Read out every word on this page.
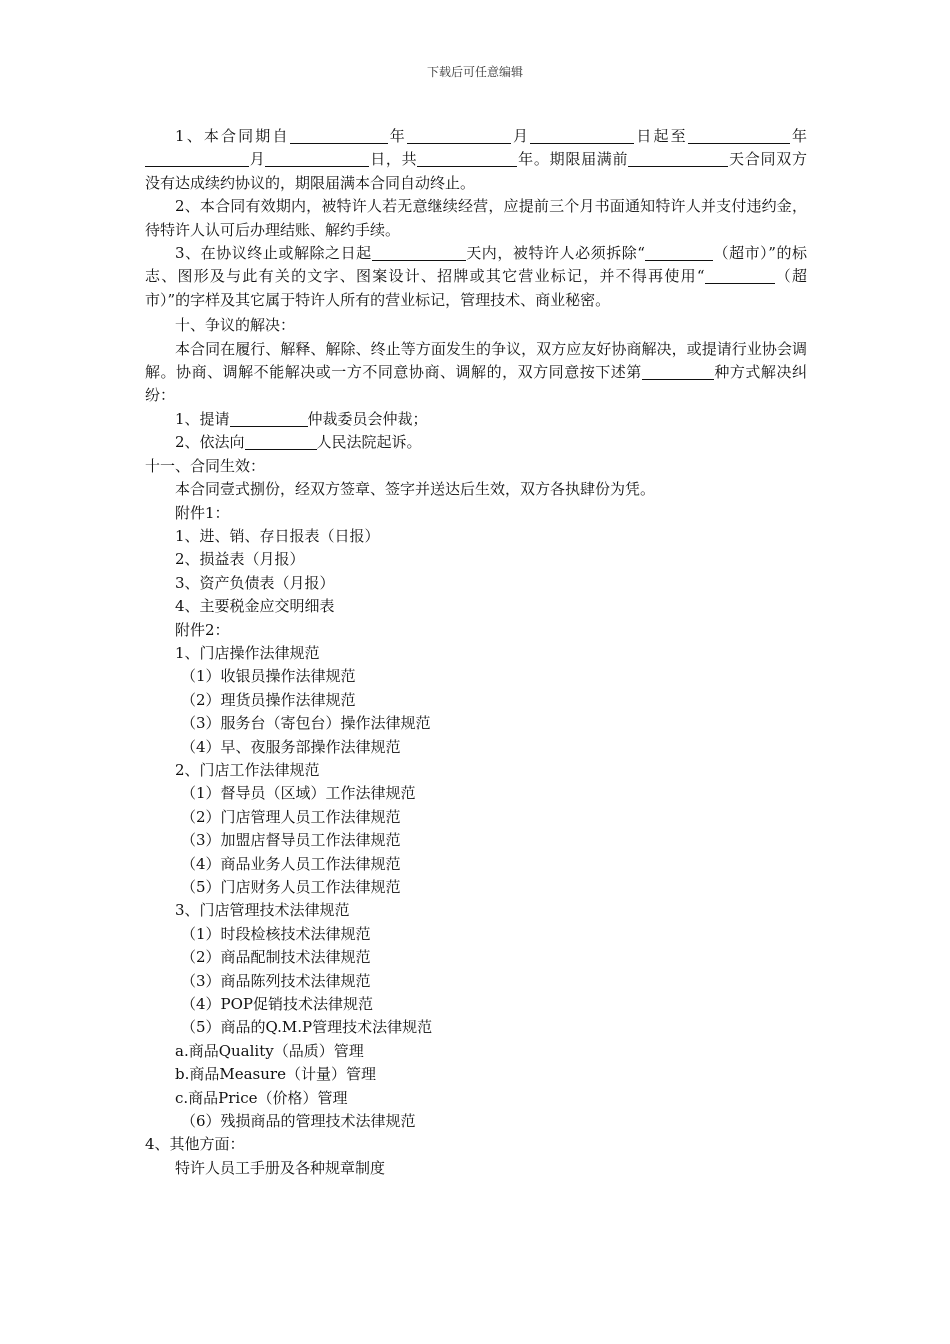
下载后可任意编辑

1、本合同期自	年	月	日起至	年月	日，共	年。期限届满前	天合同双方没有达成续约协议的，期限届满本合同自动终止。

2、本合同有效期内，被特许人若无意继续经营，应提前三个月书面通知特许人并支付违约金，待特许人认可后办理结账、解约手续。

3、在协议终止或解除之日起	天内，被特许人必须拆除“	（超市）”的标志、图形及与此有关的文字、图案设计、招牌或其它营业标记，并不得再使用“	（超市）”的字样及其它属于特许人所有的营业标记，管理技术、商业秘密。

十、争议的解决：

本合同在履行、解释、解除、终止等方面发生的争议，双方应友好协商解决，或提请行业协会调解。协商、调解不能解决或一方不同意协商、调解的，双方同意按下述第	种方式解决纠纷：

1、提请	仲裁委员会仲裁；

2、依法向	人民法院起诉。

十一、合同生效：

本合同壹式捌份，经双方签章、签字并送达后生效，双方各执肆份为凭。

附件1：

1、进、销、存日报表（日报）

2、损益表（月报）

3、资产负债表（月报）

4、主要税金应交明细表

附件2：

1、门店操作法律规范

（1）收银员操作法律规范

（2）理货员操作法律规范

（3）服务台（寄包台）操作法律规范

（4）早、夜服务部操作法律规范

2、门店工作法律规范

（1）督导员（区域）工作法律规范

（2）门店管理人员工作法律规范

（3）加盟店督导员工作法律规范

（4）商品业务人员工作法律规范

（5）门店财务人员工作法律规范

3、门店管理技术法律规范

（1）时段检核技术法律规范

（2）商品配制技术法律规范

（3）商品陈列技术法律规范

（4）POP促销技术法律规范

（5）商品的Q.M.P管理技术法律规范

a.商品Quality（品质）管理

b.商品Measure（计量）管理

c.商品Price（价格）管理

（6）残损商品的管理技术法律规范

4、其他方面：

特许人员工手册及各种规章制度
